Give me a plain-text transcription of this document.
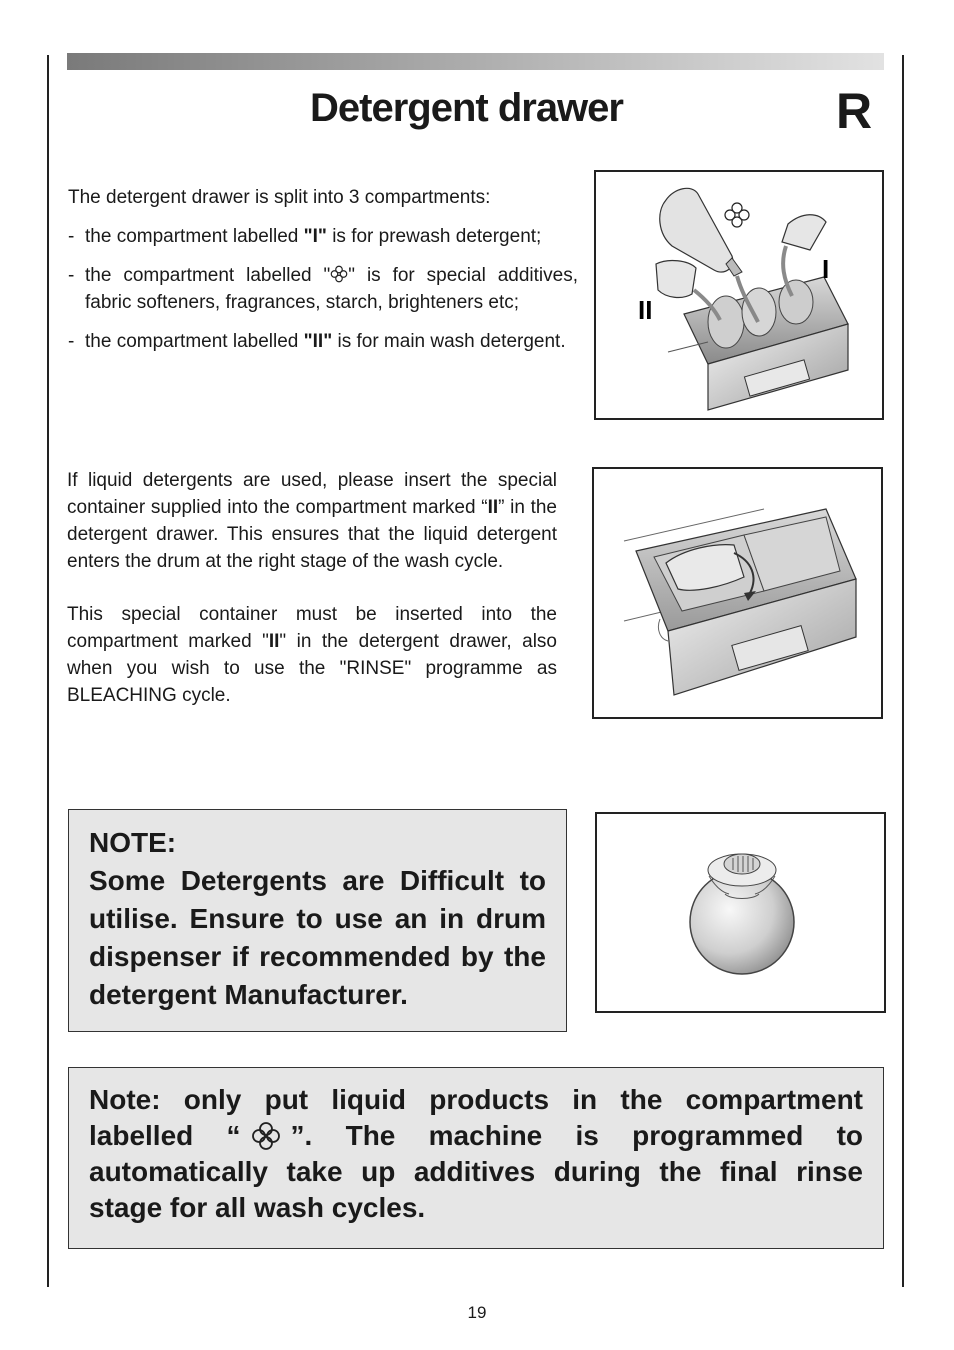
Detergent drawer	R

The detergent drawer is split into 3 compartments:

- the compartment labelled "I" is for prewash detergent;
- the compartment labelled " " is for special additives, fabric softeners, fragrances, starch, brighteners etc;
- the compartment labelled "II" is for main wash detergent.
I
II

If liquid detergents are used, please insert the special container supplied into the compartment marked “II” in the detergent drawer. This ensures that the liquid detergent enters the drum at the right stage of the wash cycle.

This special container must be inserted into the compartment marked "II" in the detergent drawer, also when you wish to use the "RINSE" programme as BLEACHING cycle.

NOTE:
Some Detergents are Difficult to utilise. Ensure to use an in drum dispenser if recommended by the detergent Manufacturer.
Note: only put liquid products in the compartment labelled “ ”. The machine is programmed to automatically take up additives during the final rinse stage for all wash cycles.

19
